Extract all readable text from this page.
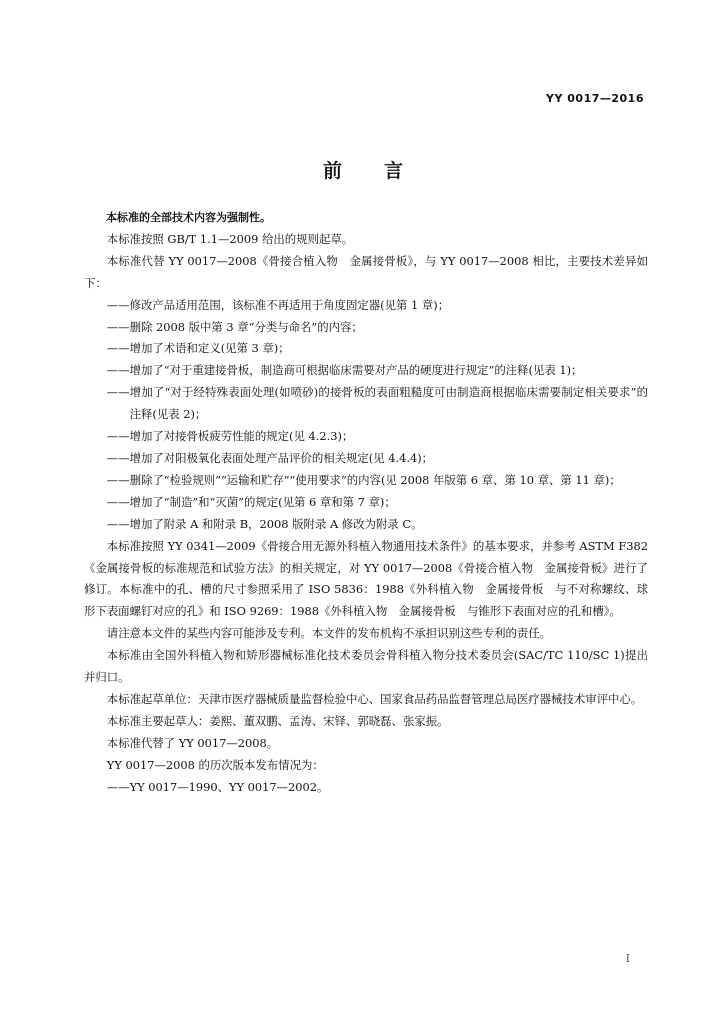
YY 0017—2016
前言

本标准的全部技术内容为强制性。

本标准按照 GB/T 1.1—2009 给出的规则起草。

本标准代替 YY 0017—2008《骨接合植入物　金属接骨板》，与 YY 0017—2008 相比，主要技术差异如下：

——修改产品适用范围，该标准不再适用于角度固定器(见第 1 章)；

——删除 2008 版中第 3 章“分类与命名”的内容；

——增加了术语和定义(见第 3 章)；

——增加了“对于重建接骨板，制造商可根据临床需要对产品的硬度进行规定”的注释(见表 1)；

——增加了“对于经特殊表面处理(如喷砂)的接骨板的表面粗糙度可由制造商根据临床需要制定相关要求”的注释(见表 2)；

——增加了对接骨板疲劳性能的规定(见 4.2.3)；

——增加了对阳极氧化表面处理产品评价的相关规定(见 4.4.4)；

——删除了“检验规则”“运输和贮存”“使用要求”的内容(见 2008 年版第 6 章、第 10 章、第 11 章)；

——增加了“制造”和“灭菌”的规定(见第 6 章和第 7 章)；

——增加了附录 A 和附录 B，2008 版附录 A 修改为附录 C。

本标准按照 YY 0341—2009《骨接合用无源外科植入物通用技术条件》的基本要求，并参考 ASTM F382《金属接骨板的标准规范和试验方法》的相关规定，对 YY 0017—2008《骨接合植入物　金属接骨板》进行了修订。本标准中的孔、槽的尺寸参照采用了 ISO 5836：1988《外科植入物　金属接骨板　与不对称螺纹、球形下表面螺钉对应的孔》和 ISO 9269：1988《外科植入物　金属接骨板　与锥形下表面对应的孔和槽》。

请注意本文件的某些内容可能涉及专利。本文件的发布机构不承担识别这些专利的责任。

本标准由全国外科植入物和矫形器械标准化技术委员会骨科植入物分技术委员会(SAC/TC 110/SC 1)提出并归口。

本标准起草单位：天津市医疗器械质量监督检验中心、国家食品药品监督管理总局医疗器械技术审评中心。

本标准主要起草人：姜熙、董双鹏、孟涛、宋铎、郭晓磊、张家振。

本标准代替了 YY 0017—2008。

YY 0017—2008 的历次版本发布情况为：

——YY 0017—1990、YY 0017—2002。

I
